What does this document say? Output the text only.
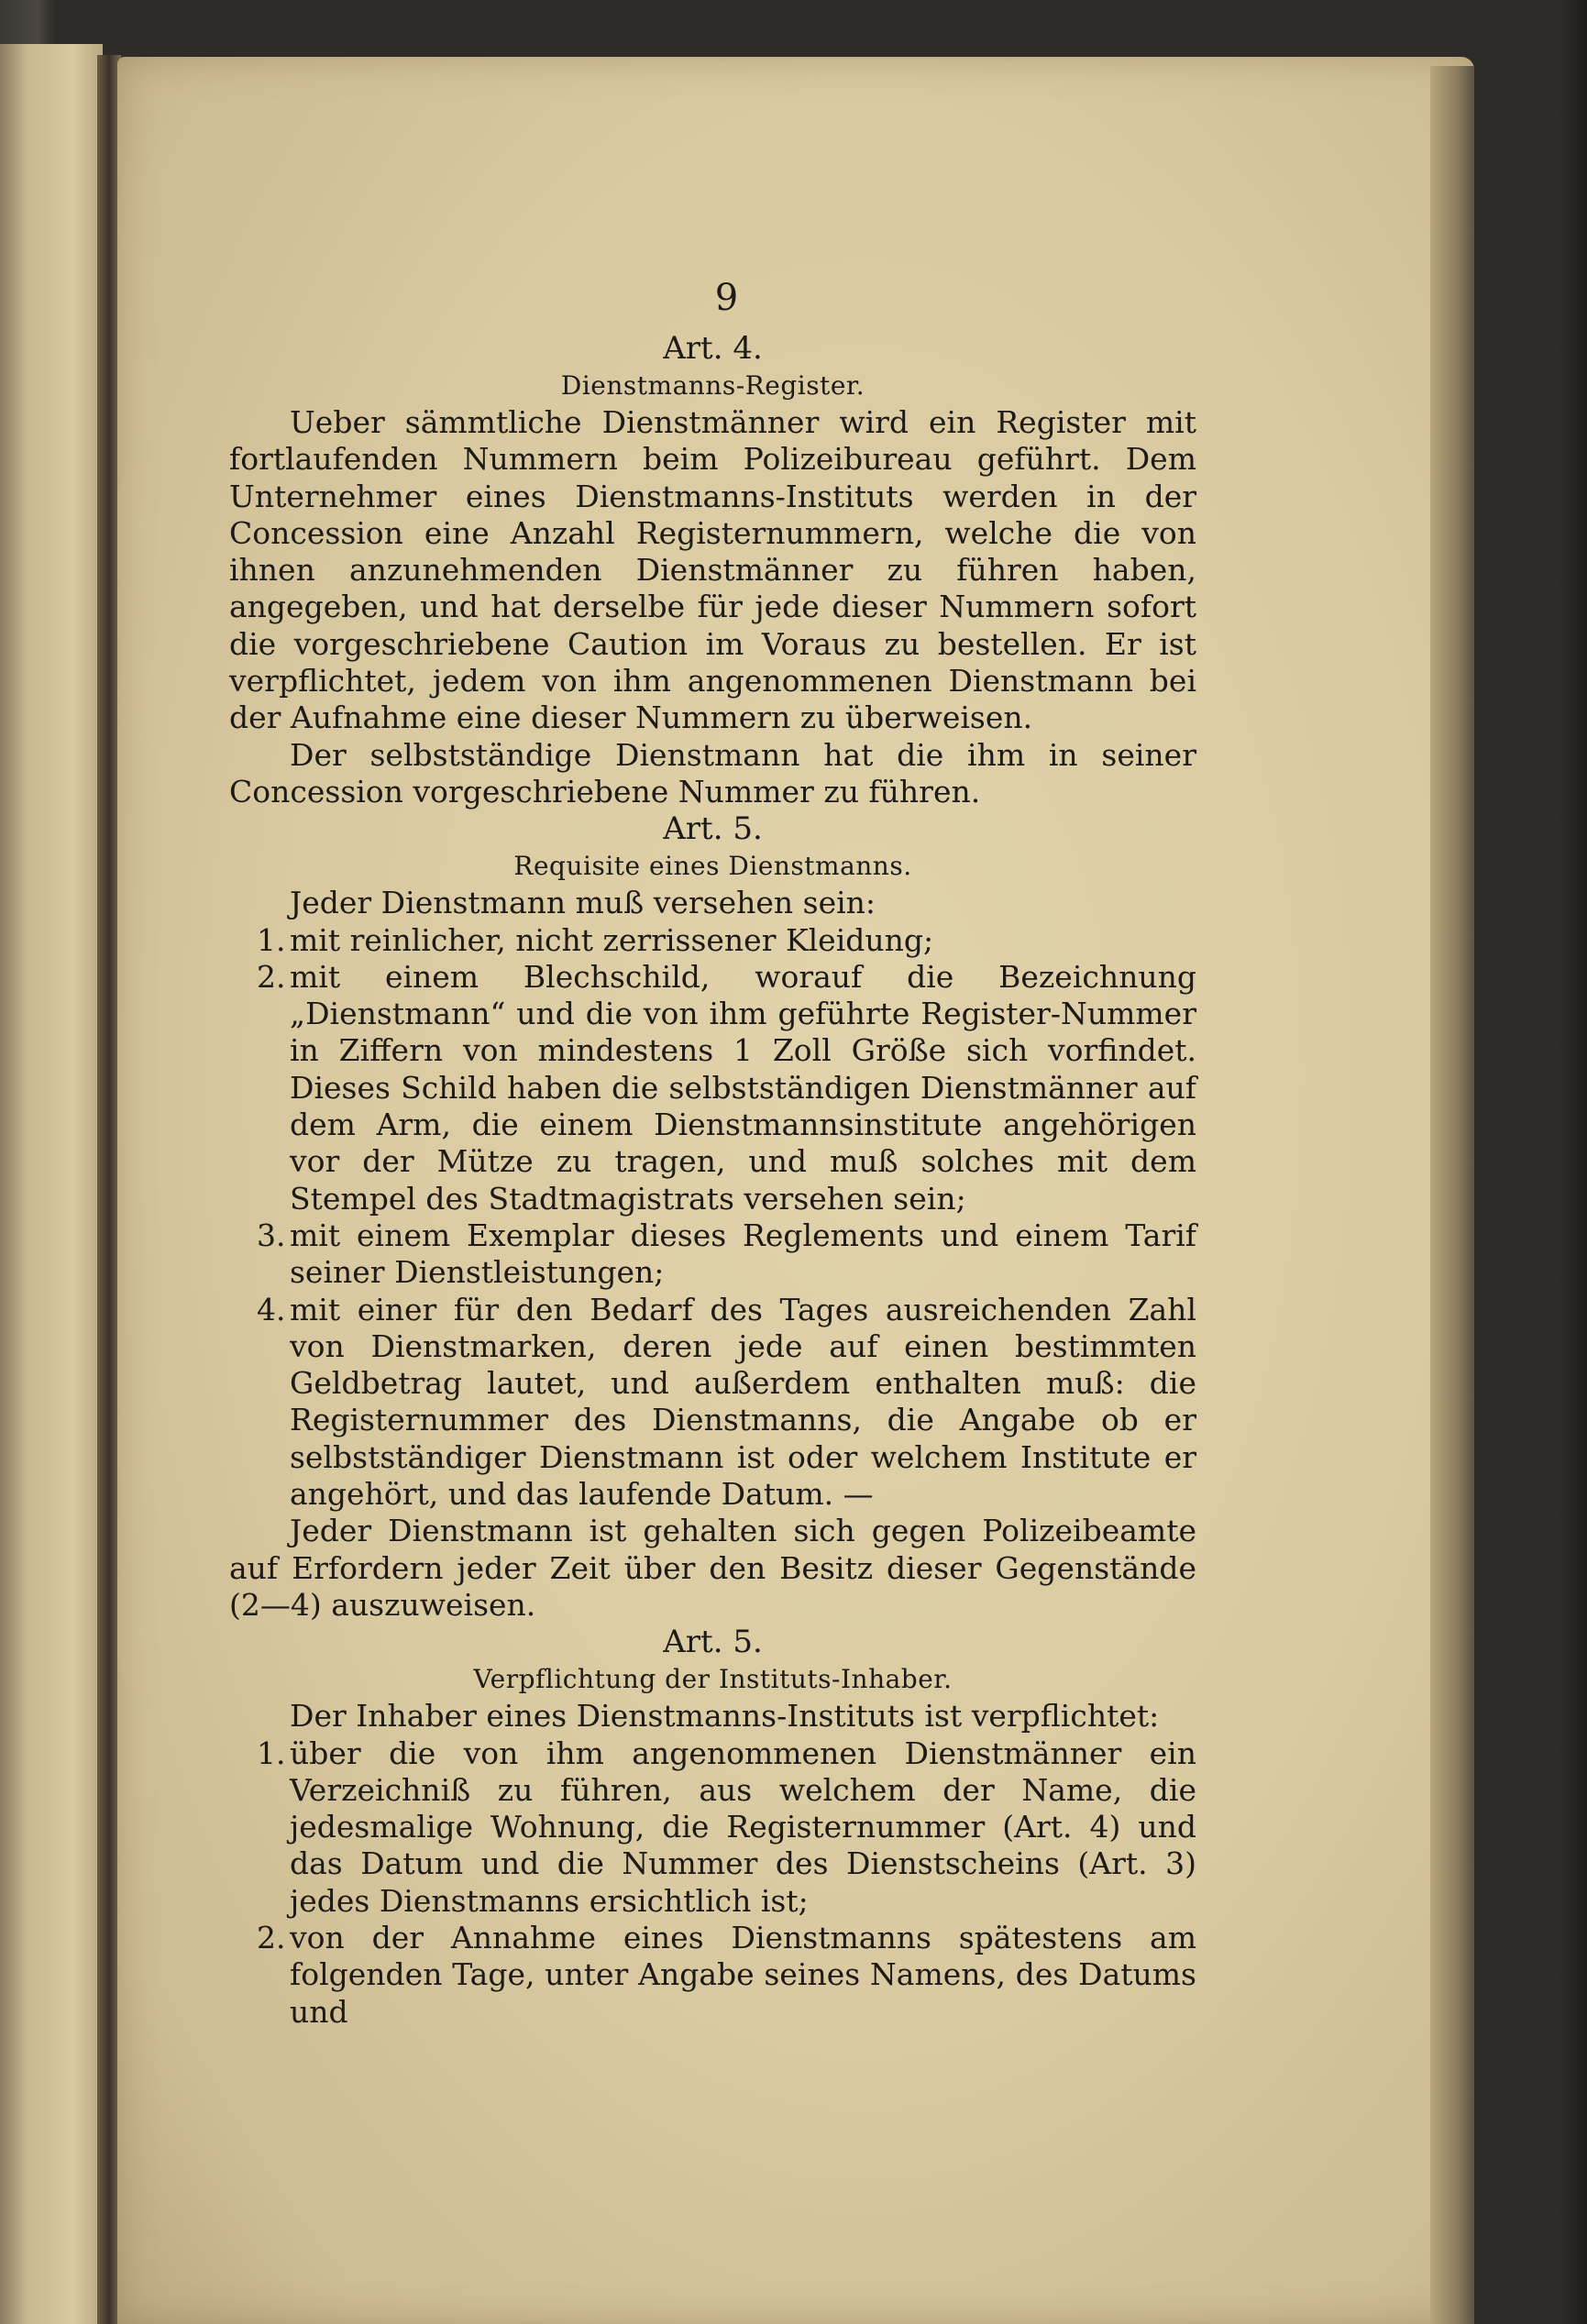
9
Art. 4.
Dienstmanns-Register.

Ueber sämmtliche Dienstmänner wird ein Register mit fortlaufenden Nummern beim Polizeibureau geführt. Dem Unternehmer eines Dienstmanns-Instituts werden in der Concession eine Anzahl Registernummern, welche die von ihnen anzunehmenden Dienstmänner zu führen haben, angegeben, und hat derselbe für jede dieser Nummern sofort die vorgeschriebene Caution im Voraus zu bestellen. Er ist verpflichtet, jedem von ihm angenommenen Dienstmann bei der Aufnahme eine dieser Nummern zu überweisen.

Der selbstständige Dienstmann hat die ihm in seiner Concession vorgeschriebene Nummer zu führen.

Art. 5.
Requisite eines Dienstmanns.

Jeder Dienstmann muß versehen sein:

1. mit reinlicher, nicht zerrissener Kleidung;
2. mit einem Blechschild, worauf die Bezeichnung „Dienstmann“ und die von ihm geführte Register-Nummer in Ziffern von mindestens 1 Zoll Größe sich vorfindet. Dieses Schild haben die selbstständigen Dienstmänner auf dem Arm, die einem Dienstmannsinstitute angehörigen vor der Mütze zu tragen, und muß solches mit dem Stempel des Stadtmagistrats versehen sein;
3. mit einem Exemplar dieses Reglements und einem Tarif seiner Dienstleistungen;
4. mit einer für den Bedarf des Tages ausreichenden Zahl von Dienstmarken, deren jede auf einen bestimmten Geldbetrag lautet, und außerdem enthalten muß: die Registernummer des Dienstmanns, die Angabe ob er selbstständiger Dienstmann ist oder welchem Institute er angehört, und das laufende Datum. —

Jeder Dienstmann ist gehalten sich gegen Polizeibeamte auf Erfordern jeder Zeit über den Besitz dieser Gegenstände (2—4) auszuweisen.

Art. 5.
Verpflichtung der Instituts-Inhaber.

Der Inhaber eines Dienstmanns-Instituts ist verpflichtet:

1. über die von ihm angenommenen Dienstmänner ein Verzeichniß zu führen, aus welchem der Name, die jedesmalige Wohnung, die Registernummer (Art. 4) und das Datum und die Nummer des Dienstscheins (Art. 3) jedes Dienstmanns ersichtlich ist;
2. von der Annahme eines Dienstmanns spätestens am folgenden Tage, unter Angabe seines Namens, des Datums und
